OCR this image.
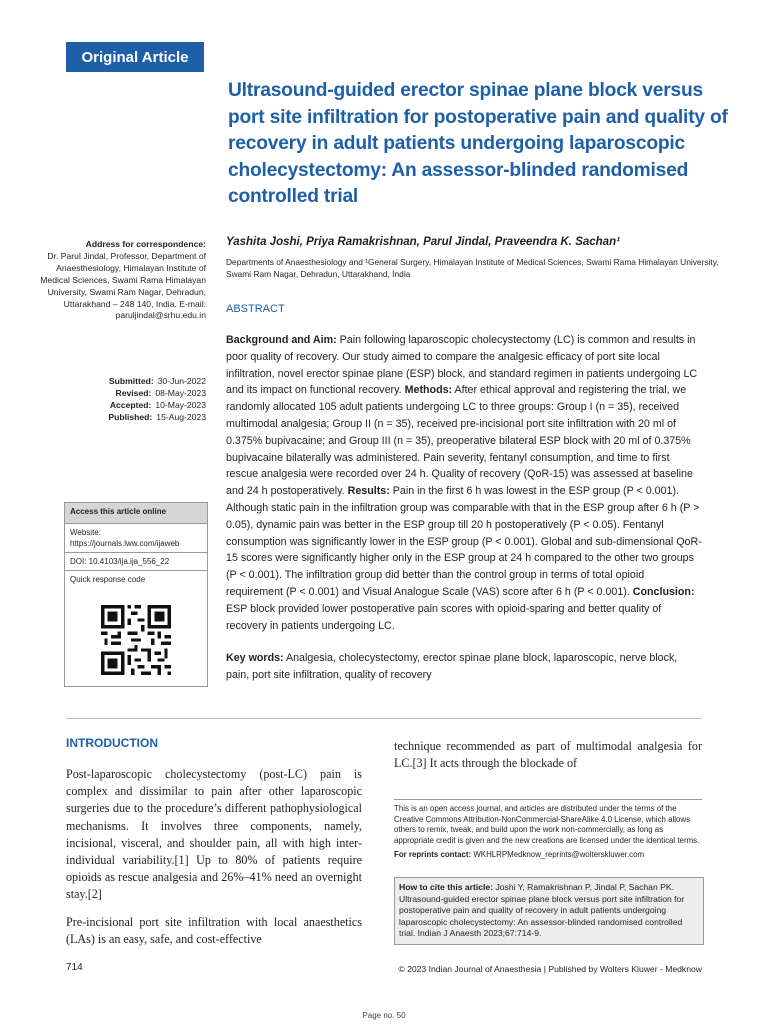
Original Article
Ultrasound-guided erector spinae plane block versus port site infiltration for postoperative pain and quality of recovery in adult patients undergoing laparoscopic cholecystectomy: An assessor-blinded randomised controlled trial
Yashita Joshi, Priya Ramakrishnan, Parul Jindal, Praveendra K. Sachan¹
Departments of Anaesthesiology and ¹General Surgery, Himalayan Institute of Medical Sciences, Swami Rama Himalayan University, Swami Ram Nagar, Dehradun, Uttarakhand, India
Address for correspondence:
Dr. Parul Jindal, Professor, Department of Anaesthesiology, Himalayan Institute of Medical Sciences, Swami Rama Himalayan University, Swami Ram Nagar, Dehradun, Uttarakhand – 248 140, India. E-mail: paruljindal@srhu.edu.in
Submitted: 30-Jun-2022
Revised: 08-May-2023
Accepted: 10-May-2023
Published: 15-Aug-2023
Access this article online
Website: https://journals.lww.com/ijaweb
DOI: 10.4103/ija.ija_556_22
Quick response code
ABSTRACT
Background and Aim: Pain following laparoscopic cholecystectomy (LC) is common and results in poor quality of recovery. Our study aimed to compare the analgesic efficacy of port site local infiltration, novel erector spinae plane (ESP) block, and standard regimen in patients undergoing LC and its impact on functional recovery. Methods: After ethical approval and registering the trial, we randomly allocated 105 adult patients undergoing LC to three groups: Group I (n = 35), received multimodal analgesia; Group II (n = 35), received pre-incisional port site infiltration with 20 ml of 0.375% bupivacaine; and Group III (n = 35), preoperative bilateral ESP block with 20 ml of 0.375% bupivacaine bilaterally was administered. Pain severity, fentanyl consumption, and time to first rescue analgesia were recorded over 24 h. Quality of recovery (QoR-15) was assessed at baseline and 24 h postoperatively. Results: Pain in the first 6 h was lowest in the ESP group (P < 0.001). Although static pain in the infiltration group was comparable with that in the ESP group after 6 h (P > 0.05), dynamic pain was better in the ESP group till 20 h postoperatively (P < 0.05). Fentanyl consumption was significantly lower in the ESP group (P < 0.001). Global and sub-dimensional QoR-15 scores were significantly higher only in the ESP group at 24 h compared to the other two groups (P < 0.001). The infiltration group did better than the control group in terms of total opioid requirement (P < 0.001) and Visual Analogue Scale (VAS) score after 6 h (P < 0.001). Conclusion: ESP block provided lower postoperative pain scores with opioid-sparing and better quality of recovery in patients undergoing LC.
Key words: Analgesia, cholecystectomy, erector spinae plane block, laparoscopic, nerve block, pain, port site infiltration, quality of recovery
INTRODUCTION
Post-laparoscopic cholecystectomy (post-LC) pain is complex and dissimilar to pain after other laparoscopic surgeries due to the procedure’s different pathophysiological mechanisms. It involves three components, namely, incisional, visceral, and shoulder pain, all with high inter-individual variability.[1] Up to 80% of patients require opioids as rescue analgesia and 26%–41% need an overnight stay.[2]
Pre-incisional port site infiltration with local anaesthetics (LAs) is an easy, safe, and cost-effective
technique recommended as part of multimodal analgesia for LC.[3] It acts through the blockade of
This is an open access journal, and articles are distributed under the terms of the Creative Commons Attribution-NonCommercial-ShareAlike 4.0 License, which allows others to remix, tweak, and build upon the work non-commercially, as long as appropriate credit is given and the new creations are licensed under the identical terms.
For reprints contact: WKHLRPMedknow_reprints@wolterskluwer.com
How to cite this article: Joshi Y, Ramakrishnan P, Jindal P, Sachan PK. Ultrasound-guided erector spinae plane block versus port site infiltration for postoperative pain and quality of recovery in adult patients undergoing laparoscopic cholecystectomy: An assessor-blinded randomised controlled trial. Indian J Anaesth 2023;67:714-9.
714	© 2023 Indian Journal of Anaesthesia | Published by Wolters Kluwer - Medknow
Page no. 50
